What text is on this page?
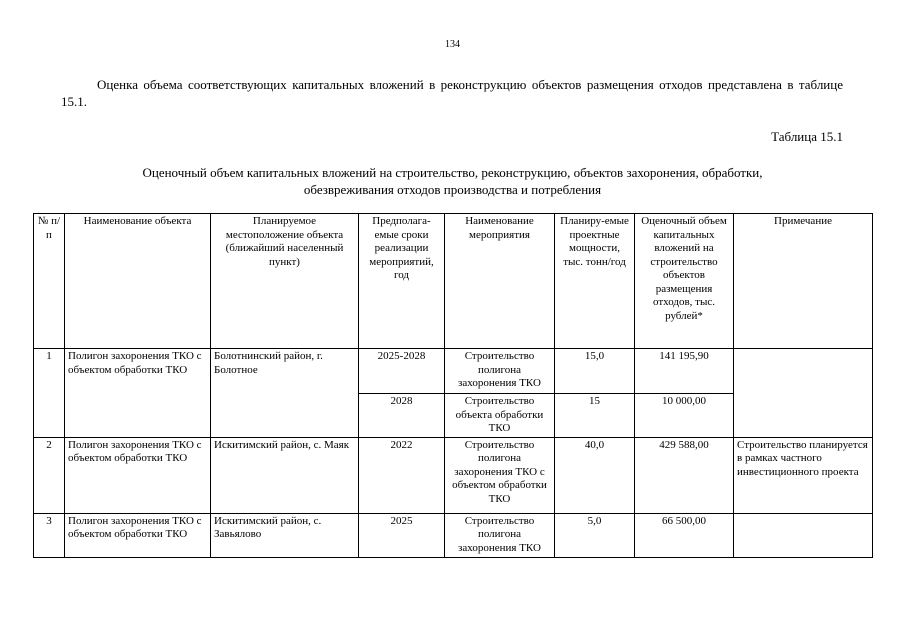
134

Оценка объема соответствующих капитальных вложений в реконструкцию объектов размещения отходов представлена в таблице 15.1.

Таблица 15.1
Оценочный объем капитальных вложений на строительство, реконструкцию, объектов захоронения, обработки,
обезвреживания отходов производства и потребления
№ п/п	Наименование объекта	Планируемое местоположение объекта (ближайший населенный пункт)	Предполага-емые сроки реализации мероприятий, год	Наименование мероприятия	Планиру-емые проектные мощности, тыс. тонн/год	Оценочный объем капитальных вложений на строительство объектов размещения отходов, тыс. рублей*	Примечание
1	Полигон захоронения ТКО с объектом обработки ТКО	Болотнинский район, г. Болотное	2025-2028	Строительство полигона захоронения ТКО	15,0	141 195,90	
			2028	Строительство объекта обработки ТКО	15	10 000,00	
2	Полигон захоронения ТКО с объектом обработки ТКО	Искитимский район, с. Маяк	2022	Строительство полигона захоронения ТКО с объектом обработки ТКО	40,0	429 588,00	Строительство планируется в рамках частного инвестиционного проекта
3	Полигон захоронения ТКО с объектом обработки ТКО	Искитимский район, с. Завьялово	2025	Строительство полигона захоронения ТКО	5,0	66 500,00	
